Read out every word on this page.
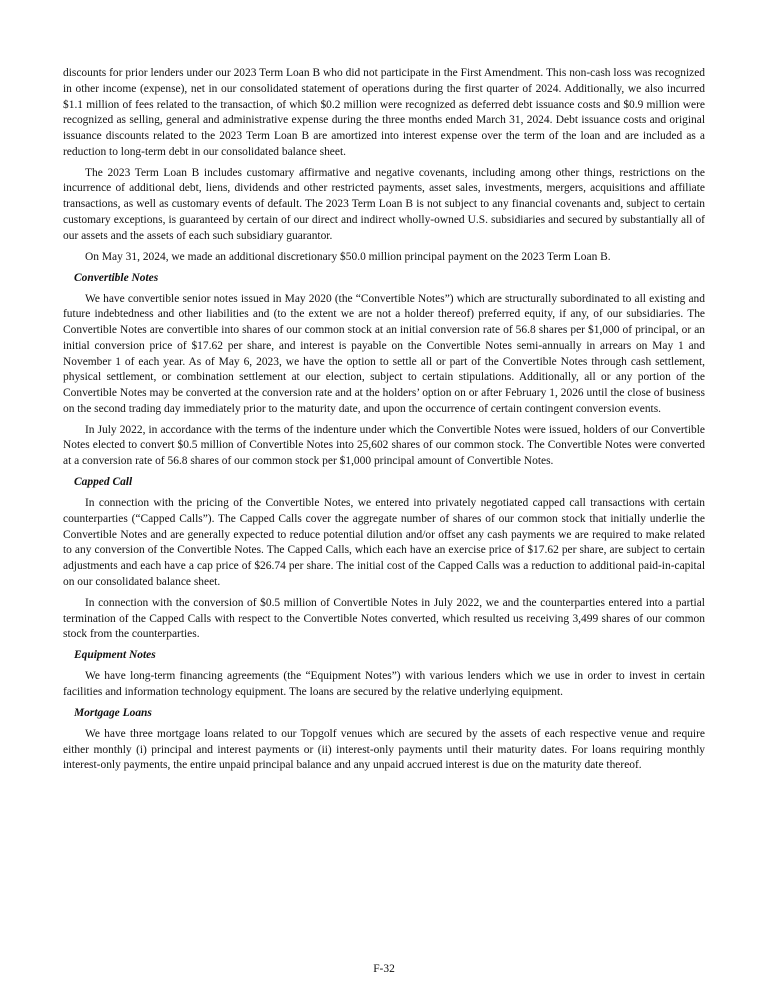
discounts for prior lenders under our 2023 Term Loan B who did not participate in the First Amendment. This non-cash loss was recognized in other income (expense), net in our consolidated statement of operations during the first quarter of 2024. Additionally, we also incurred $1.1 million of fees related to the transaction, of which $0.2 million were recognized as deferred debt issuance costs and $0.9 million were recognized as selling, general and administrative expense during the three months ended March 31, 2024. Debt issuance costs and original issuance discounts related to the 2023 Term Loan B are amortized into interest expense over the term of the loan and are included as a reduction to long-term debt in our consolidated balance sheet.

The 2023 Term Loan B includes customary affirmative and negative covenants, including among other things, restrictions on the incurrence of additional debt, liens, dividends and other restricted payments, asset sales, investments, mergers, acquisitions and affiliate transactions, as well as customary events of default. The 2023 Term Loan B is not subject to any financial covenants and, subject to certain customary exceptions, is guaranteed by certain of our direct and indirect wholly-owned U.S. subsidiaries and secured by substantially all of our assets and the assets of each such subsidiary guarantor.

On May 31, 2024, we made an additional discretionary $50.0 million principal payment on the 2023 Term Loan B.

Convertible Notes

We have convertible senior notes issued in May 2020 (the “Convertible Notes”) which are structurally subordinated to all existing and future indebtedness and other liabilities and (to the extent we are not a holder thereof) preferred equity, if any, of our subsidiaries. The Convertible Notes are convertible into shares of our common stock at an initial conversion rate of 56.8 shares per $1,000 of principal, or an initial conversion price of $17.62 per share, and interest is payable on the Convertible Notes semi-annually in arrears on May 1 and November 1 of each year. As of May 6, 2023, we have the option to settle all or part of the Convertible Notes through cash settlement, physical settlement, or combination settlement at our election, subject to certain stipulations. Additionally, all or any portion of the Convertible Notes may be converted at the conversion rate and at the holders’ option on or after February 1, 2026 until the close of business on the second trading day immediately prior to the maturity date, and upon the occurrence of certain contingent conversion events.

In July 2022, in accordance with the terms of the indenture under which the Convertible Notes were issued, holders of our Convertible Notes elected to convert $0.5 million of Convertible Notes into 25,602 shares of our common stock. The Convertible Notes were converted at a conversion rate of 56.8 shares of our common stock per $1,000 principal amount of Convertible Notes.

Capped Call

In connection with the pricing of the Convertible Notes, we entered into privately negotiated capped call transactions with certain counterparties (“Capped Calls”). The Capped Calls cover the aggregate number of shares of our common stock that initially underlie the Convertible Notes and are generally expected to reduce potential dilution and/or offset any cash payments we are required to make related to any conversion of the Convertible Notes. The Capped Calls, which each have an exercise price of $17.62 per share, are subject to certain adjustments and each have a cap price of $26.74 per share. The initial cost of the Capped Calls was a reduction to additional paid-in-capital on our consolidated balance sheet.

In connection with the conversion of $0.5 million of Convertible Notes in July 2022, we and the counterparties entered into a partial termination of the Capped Calls with respect to the Convertible Notes converted, which resulted us receiving 3,499 shares of our common stock from the counterparties.

Equipment Notes

We have long-term financing agreements (the “Equipment Notes”) with various lenders which we use in order to invest in certain facilities and information technology equipment. The loans are secured by the relative underlying equipment.

Mortgage Loans

We have three mortgage loans related to our Topgolf venues which are secured by the assets of each respective venue and require either monthly (i) principal and interest payments or (ii) interest-only payments until their maturity dates. For loans requiring monthly interest-only payments, the entire unpaid principal balance and any unpaid accrued interest is due on the maturity date thereof.

F-32
